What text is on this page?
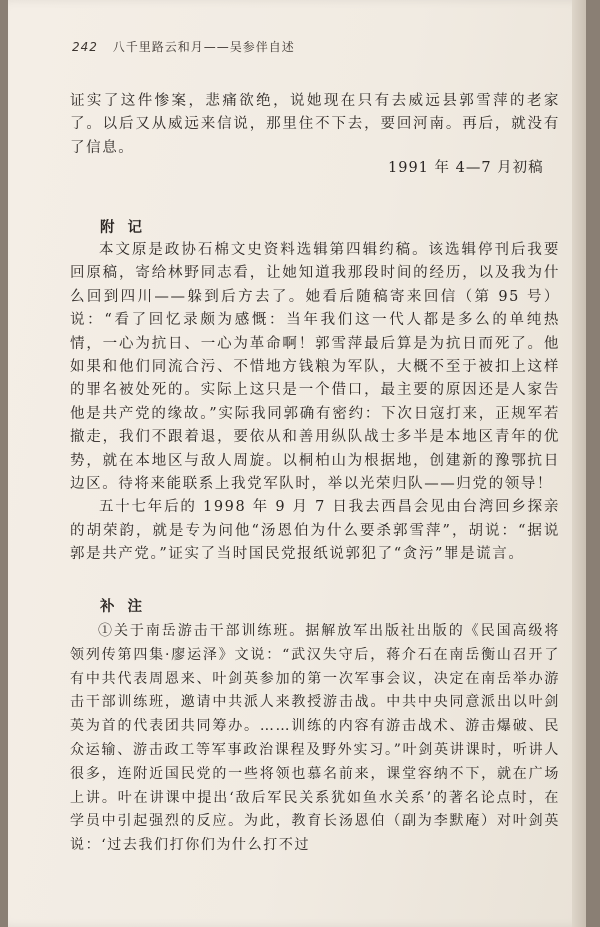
242 八千里路云和月——吴参伴自述

证实了这件惨案，悲痛欲绝，说她现在只有去威远县郭雪萍的老家了。以后又从威远来信说，那里住不下去，要回河南。再后，就没有了信息。

1991 年 4—7 月初稿
附 记

本文原是政协石棉文史资料选辑第四辑约稿。该选辑停刊后我要回原稿，寄给林野同志看，让她知道我那段时间的经历，以及我为什么回到四川——躲到后方去了。她看后随稿寄来回信（第 95 号）说：“看了回忆录颇为感慨：当年我们这一代人都是多么的单纯热情，一心为抗日、一心为革命啊！郭雪萍最后算是为抗日而死了。他如果和他们同流合污、不惜地方钱粮为军队，大概不至于被扣上这样的罪名被处死的。实际上这只是一个借口，最主要的原因还是人家告他是共产党的缘故。”实际我同郭确有密约：下次日寇打来，正规军若撤走，我们不跟着退，要依从和善用纵队战士多半是本地区青年的优势，就在本地区与敌人周旋。以桐柏山为根据地，创建新的豫鄂抗日边区。待将来能联系上我党军队时，举以光荣归队——归党的领导！

五十七年后的 1998 年 9 月 7 日我去西昌会见由台湾回乡探亲的胡荣韵，就是专为问他“汤恩伯为什么要杀郭雪萍”，胡说：“据说郭是共产党。”证实了当时国民党报纸说郭犯了“贪污”罪是谎言。

补 注

①关于南岳游击干部训练班。据解放军出版社出版的《民国高级将领列传第四集·廖运泽》文说：“武汉失守后，蒋介石在南岳衡山召开了有中共代表周恩来、叶剑英参加的第一次军事会议，决定在南岳举办游击干部训练班，邀请中共派人来教授游击战。中共中央同意派出以叶剑英为首的代表团共同筹办。……训练的内容有游击战术、游击爆破、民众运输、游击政工等军事政治课程及野外实习。”叶剑英讲课时，听讲人很多，连附近国民党的一些将领也慕名前来，课堂容纳不下，就在广场上讲。叶在讲课中提出‘敌后军民关系犹如鱼水关系’的著名论点时，在学员中引起强烈的反应。为此，教育长汤恩伯（副为李默庵）对叶剑英说：‘过去我们打你们为什么打不过
